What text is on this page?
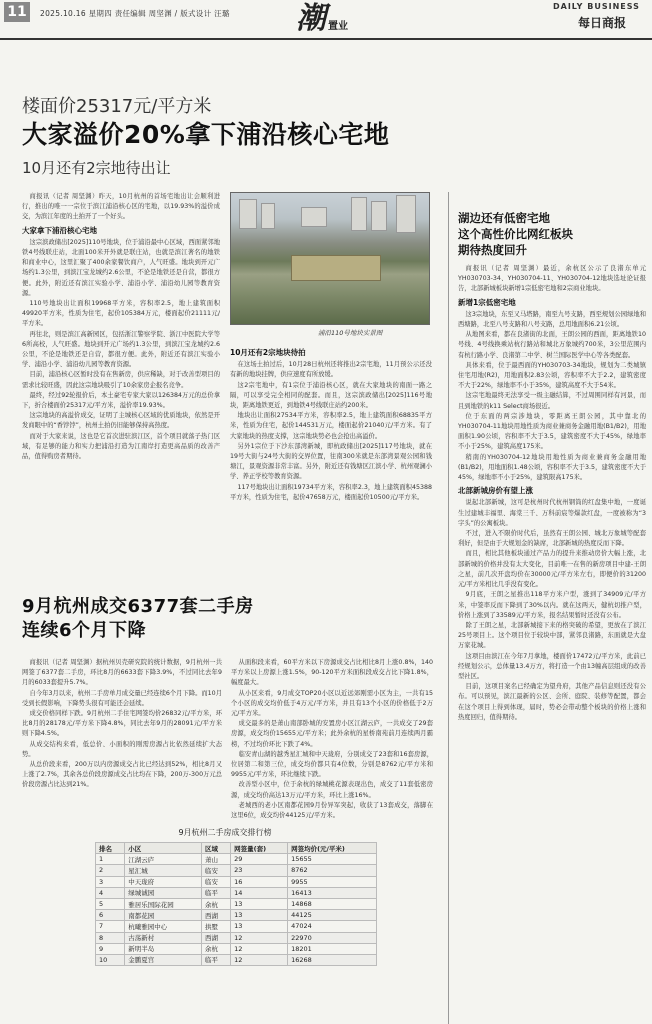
11	2025.10.16 星期四 责任编辑 周坚渊 / 版式设计 汪璐 潮 置业
DAILY BUSINESS
每日商报
楼面价25317元/平方米
大家溢价20%拿下浦沿核心宅地
10月还有2宗地待出让

商报讯（记者 周坚渊）昨天，10月杭州的首场宅地出让会顺利进行，推出的唯一一宗位于滨江浦沿核心区的宅地，以19.93%的溢价成交，为滨江年度的土拍开了一个好头。

大家拿下浦沿核心宅地

这宗滨政储出[2025]110号地块，位于浦沿最中心区域，西面紧邻地铁4号线联庄站，北面100米开外就是联庄站，也就是滨江著名的地铁和商业中心，这里汇聚了400余家餐饮商户，人气旺盛。地块到开元广场约1.3公里，到滨江宝龙城约2.6公里，不论是地铁还是自营，都很方便。此外，附近还有滨江实验小学、浦沿小学、浦沿幼儿园等教育资源。

110号地块出让面积19968平方米，容积率2.5，地上建筑面积49920平方米，性质为住宅，起价105384万元，楼面起价21111元/平方米。

再往北，则是滨江高新园区，包括浙江警察学院、浙江中医院大学等6所高校，人气旺盛。地块到开元广场约1.3公里，到滨江宝龙城约2.6公里，不论是地铁还是自营，都很方便。此外，附近还有滨江实验小学、浦沿小学、浦沿幼儿园等教育资源。

目前，浦沿核心区暂时没有在售新房，供应稀缺，对于改善型项目的需求比较旺盛，因此这宗地块吸引了10余家房企报名竞争。

最终，经过92轮报价后，本土豪宅专家大家以126384万元的总价拿下，折合楼面价25317元/平方米，溢价率19.93%。

这宗地块的高溢价成交，证明了主城核心区域的优质地块，依然是开发商眼中的“香饽饽”，杭州土拍仍旧能够保持高热度。

而对于大家来说，这也是它首次进驻滨江区，首个项目就落子热门区域，有足够的能力和实力把浦沿打造为江南岸打造更高品质的改善产品，值得购房者期待。

浦沿110号地块实景图
10月还有2宗地块待拍

在这场土拍过后，10月28日杭州还将推出2宗宅地，11月预公示还没有新的地块挂牌，供应速度有所放缓。

这2宗宅地中，有1宗位于浦沿核心区，就在大家地块的南面一路之隔，可以享受完全相同的配套。而且，这宗滨政储出[2025]116号地块，距离地铁更近，到地铁4号线联庄站约200米。

地块出让面积27534平方米，容积率2.5，地上建筑面积68835平方米，性质为住宅，起价144531万元，楼面起价21040元/平方米。有了大家地块的热度支撑，这宗地块势必也会抢出高溢价。

另外1宗位于下沙东部湾新城，即杭政储出[2025]117号地块，就在19号大街与24号大街的交界位置，往南300米就是东部湾景观公园和钱塘江，景观资源非常丰富。另外，附近还有钱塘区江滨小学、杭州观澜小学、养正学校等教育资源。

117号地块出让面积19734平方米，容积率2.3，地上建筑面积45388平方米，性质为住宅，起价47658万元，楼面起价10500元/平方米。

湖边还有低密宅地
这个高性价比网红板块
期待热度回升

商报讯（记者 周坚渊）最近，余杭区公示了良渚东单元YH030703-34、YH030704-11、YH030704-12地块选址论证报告，北部新城板块新增1宗低密宅地和2宗商业地块。

新增1宗低密宅地

这3宗地块，东至又马塔路，南至九号支路，西至规划公园绿地和西塘路，北至八号支路和八号支路，总用地面积6.21公顷。

从地图来看，都在良渚街的北面，王朗公园的西面，距离地铁10号线、4号线换乘站杭行路站和城北万象城约700米，3公里范围内有杭行路小学、良渚第二中学、树兰国际医学中心等各类配套。

具体来看，位于最西面的YH030703-34地块，规划为二类城镇住宅用地(R2)，用地面积2.83公顷，容积率不大于2.2，建筑密度不大于22%，绿地率不小于35%，建筑高度不大于54米。

这宗宅地最终无法享受一级主融结算，不过周围同样有河景，而且到地铁的k11 Select商场很近。

位于东面的两宗涉地块，零距离王朗公园，其中靠北的YH030704-11地块用地性质为商业兼商务金融用地(B1/B2)，用地面积1.90公顷，容积率不大于3.5，建筑密度不大于45%，绿地率不小于25%，建筑高度175米。

稍南的YH030704-12地块用地性质为商业兼商务金融用地(B1/B2)，用地面积1.48公顷，容积率不大于3.5，建筑密度不大于45%，绿地率不小于25%，建筑限高175米。

北部新城房价有望上涨

说起北部新城，这可是杭州时代杭州钢筒的红盘集中地，一度诞生过建城丰福里、海棠三千、万科前宸等爆款红盘，一度被称为“3字头”的公寓板块。

不过，进入不限价时代后，虽然有王朗公园、城北万象城等配套利好，但是由于大规划金的缺席，北部新城的热度反而下降。

而且，相比其他板块通过产品力的提升来推动房价大幅上涨，北部新城的价格并没有太大变化，目前唯一在售的新房项目中建-王朗之星，前几次开盘均价在30000元/平方米左右，即便价的31200元/平方米相比几乎没有变化。

9月底，王朗之星推出118平方米户型，涨到了34909元/平方米，中签率反而下降到了30%以内。就在这两天，健杭切推户型，价格上涨到了33589元/平方米，报名结果暂时还没有公布。

除了王朗之星，北部新城接下来的格突破的希望，更放在了滨江25号项目上。这个项目位于较块中部，紧邻良渚路，东面就是大盘万家花城。

这项目由滨江在今年7月拿地，楼面价17472元/平方米，此前已经规划公示，总体量13.4万方，将打造一个由13幢高层组成的改善型社区。

目前，这项目案名已经确定为望舟府，其他产品信息则还没有公布。可以预见，滨江最新的公区、会所、庭院、装修等配置，都会在这个项目上得到体现，届时，势必会带动整个板块的价格上涨和热度回归，值得期待。

9月杭州成交6377套二手房
连续6个月下降

商报讯（记者 周坚渊）据杭州贝壳研究院的统计数据，9月杭州一共网签了6377套二手房，环比8月的6633套下降3.9%，不过同比去年9月的6033套提升5.7%。

自今年3月以来，杭州二手房单月成交量已经连续6个月下降。而10月受到长假影响，下降势头很有可能还会延续。

成交价格同样下跌。9月杭州二手住宅网签均价26832元/平方米，环比8月的28178元/平方米下降4.8%，同比去年9月的28091元/平方米则下降4.5%。

从成交结构来看，低总价、小面积的刚需房源占比依然延续扩大态势。

从总价段来看，200万以内房源成交占比已经达到52%，相比8月又上涨了2.7%，其余各总价段房源成交占比均在下降，200万-300万元总价段房源占比达到21%。

从面积段来看，60平方米以下房源成交占比相比8月上涨0.8%，140平方米以上房源上涨1.5%，90-120平方米面积段成交占比下降1.8%，幅度最大。

从小区来看，9月成交TOP20小区以近远郊刚需小区为主，一共有15个小区的成交均价低于4万元/平方米，并且有13个小区的价格低于2万元/平方米。

成交最多的是萧山南部卧城的安置房小区江湖云庐，一共成交了29套房源，成交均价15655元/平方米；此外余杭的星桥南苑前月连续两月霸榜，不过均价环比下跌了4%。

临安青山湖的越秀星汇城和中天珑府，分别成交了23套和16套房源，位居第二和第三位，成交均价都只有4位数，分别是8762元/平方米和9955元/平方米，环比继续下跌。

改善型小区中，位于余杭的绿城桃花源表现出色，成交了11套低密房源，成交均价高达13万元/平方米，环比上涨16%。

老城西的老小区南都花园9月份异军突起，收获了13套成交，落脚在这里6位，成交均价44125元/平方米。

9月杭州二手房成交排行榜
排名	小区	区域	网签量(套)	网签均价(元/平米)
1	江湖云庐	萧山	29	15655
2	星汇城	临安	23	8762
3	中天珑府	临安	16	9955
4	绿城诚园	临平	14	16413
5	雅居乐国际花园	余杭	13	14868
6	南都花园	西湖	13	44125
7	杭曦雅园中心	拱墅	13	47024
8	古荡新村	西湖	12	22970
9	新明半岛	余杭	12	18201
10	金鹏夏宫	临平	12	16268
